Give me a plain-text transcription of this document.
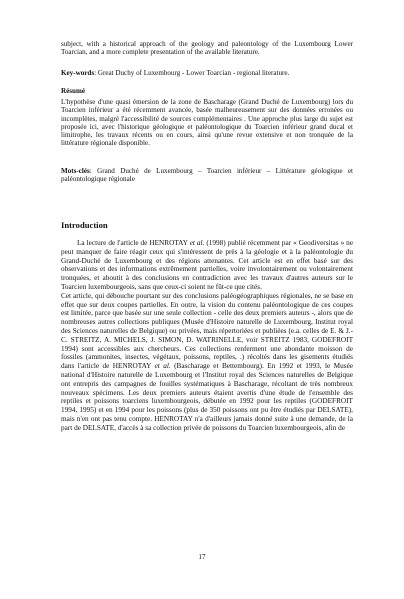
subject, with a historical approach of the geology and paleontology of the Luxembourg Lower Toarcian, and a more complete presentation of the available literature.

Key-words: Great Duchy of Luxembourg - Lower Toarcian - regional literature.

Résumé

L'hypothèse d'une quasi émersion de la zone de Bascharage (Grand Duché de Luxembourg) lors du Toarcien inférieur a été récemment avancée, basée malheureusement sur des données erronées ou incomplètes, malgré l'accessibilité de sources complémentaires . Une approche plus large du sujet est proposée ici, avec l'historique géologique et paléontologique du Toarcien inférieur grand ducal et limitrophe, les travaux récents ou en cours, ainsi qu'une revue extensive et non tronquée de la littérature régionale disponible.

Mots-clés: Grand Duché de Luxembourg – Toarcien inférieur – Littérature géologique et paléontologique régionale

Introduction

La lecture de l'article de HENROTAY et al. (1998) publié récemment par « Geodiversitas » ne peut manquer de faire réagir ceux qui s'intéressent de près à la géologie et à la paléontologie du Grand-Duché de Luxembourg et des régions attenantes. Cet article est en effet basé sur des observations et des informations extrêmement partielles, voire involontairement ou volontairement tronquées, et aboutit à des conclusions en contradiction avec les travaux d'autres auteurs sur le Toarcien luxembourgeois, sans que ceux-ci soient ne fût-ce que cités.

Cet article, qui débouche pourtant sur des conclusions paléogéographiques régionales, ne se base en effet que sur deux coupes partielles. En outre, la vision du contenu paléontologique de ces coupes est limitée, parce que basée sur une seule collection - celle des deux premiers auteurs -, alors que de nombreuses autres collections publiques (Musée d'Histoire naturelle de Luxembourg, Institut royal des Sciences naturelles de Belgique) ou privées, mais répertoriées et publiées (e.a. celles de E. & J.- C. STREITZ, A. MICHELS, J. SIMON, D. WATRINELLE, voir STREITZ 1983, GODEFROIT 1994) sont accessibles aux chercheurs. Ces collections renferment une abondante moisson de fossiles (ammonites, insectes, végétaux, poissons, reptiles, .) récoltés dans les gisements étudiés dans l'article de HENROTAY et al. (Bascharage et Bettembourg). En 1992 et 1993, le Musée national d'Histoire naturelle de Luxembourg et l'Institut royal des Sciences naturelles de Belgique ont entrepris des campagnes de fouilles systématiques à Bascharage, récoltant de très nombreux nouveaux spécimens. Les deux premiers auteurs étaient avertis d'une étude de l'ensemble des reptiles et poissons toarciens luxembourgeois, débutée en 1992 pour les reptiles (GODEFROIT 1994, 1995) et en 1994 pour les poissons (plus de 350 poissons ont pu être étudiés par DELSATE), mais n'en ont pas tenu compte. HENROTAY n'a d'ailleurs jamais donné suite à une demande, de la part de DELSATE, d'accès à sa collection privée de poissons du Toarcien luxembourgeois, afin de

17
